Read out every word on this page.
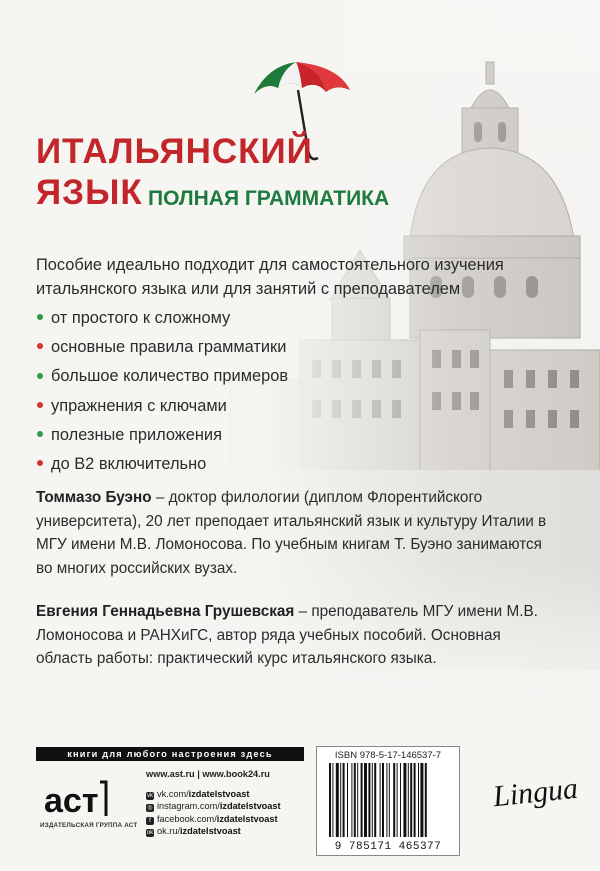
ИТАЛЬЯНСКИЙ
ЯЗЫК ПОЛНАЯ ГРАММАТИКА
Пособие идеально подходит для самостоятельного изучения итальянского языка или для занятий с преподавателем
от простого к сложному
основные правила грамматики
большое количество примеров
упражнения с ключами
полезные приложения
до В2 включительно
Томмазо Буэно – доктор филологии (диплом Флорентийского университета), 20 лет преподает итальянский язык и культуру Италии в МГУ имени М.В. Ломоносова. По учебным книгам Т. Буэно занимаются во многих российских вузах.
Евгения Геннадьевна Грушевская – преподаватель МГУ имени М.В. Ломоносова и РАНХиГС, автор ряда учебных пособий. Основная область работы: практический курс итальянского языка.
книги для любого настроения здесь
аст
ИЗДАТЕЛЬСКАЯ ГРУППА АСТ
www.ast.ru | www.book24.ru
vk vk.com/izdatelstvoast
◎ instagram.com/izdatelstvoast
f facebook.com/izdatelstvoast
ok ok.ru/izdatelstvoast
ISBN 978-5-17-146537-7
9 785171 465377
Lingua
